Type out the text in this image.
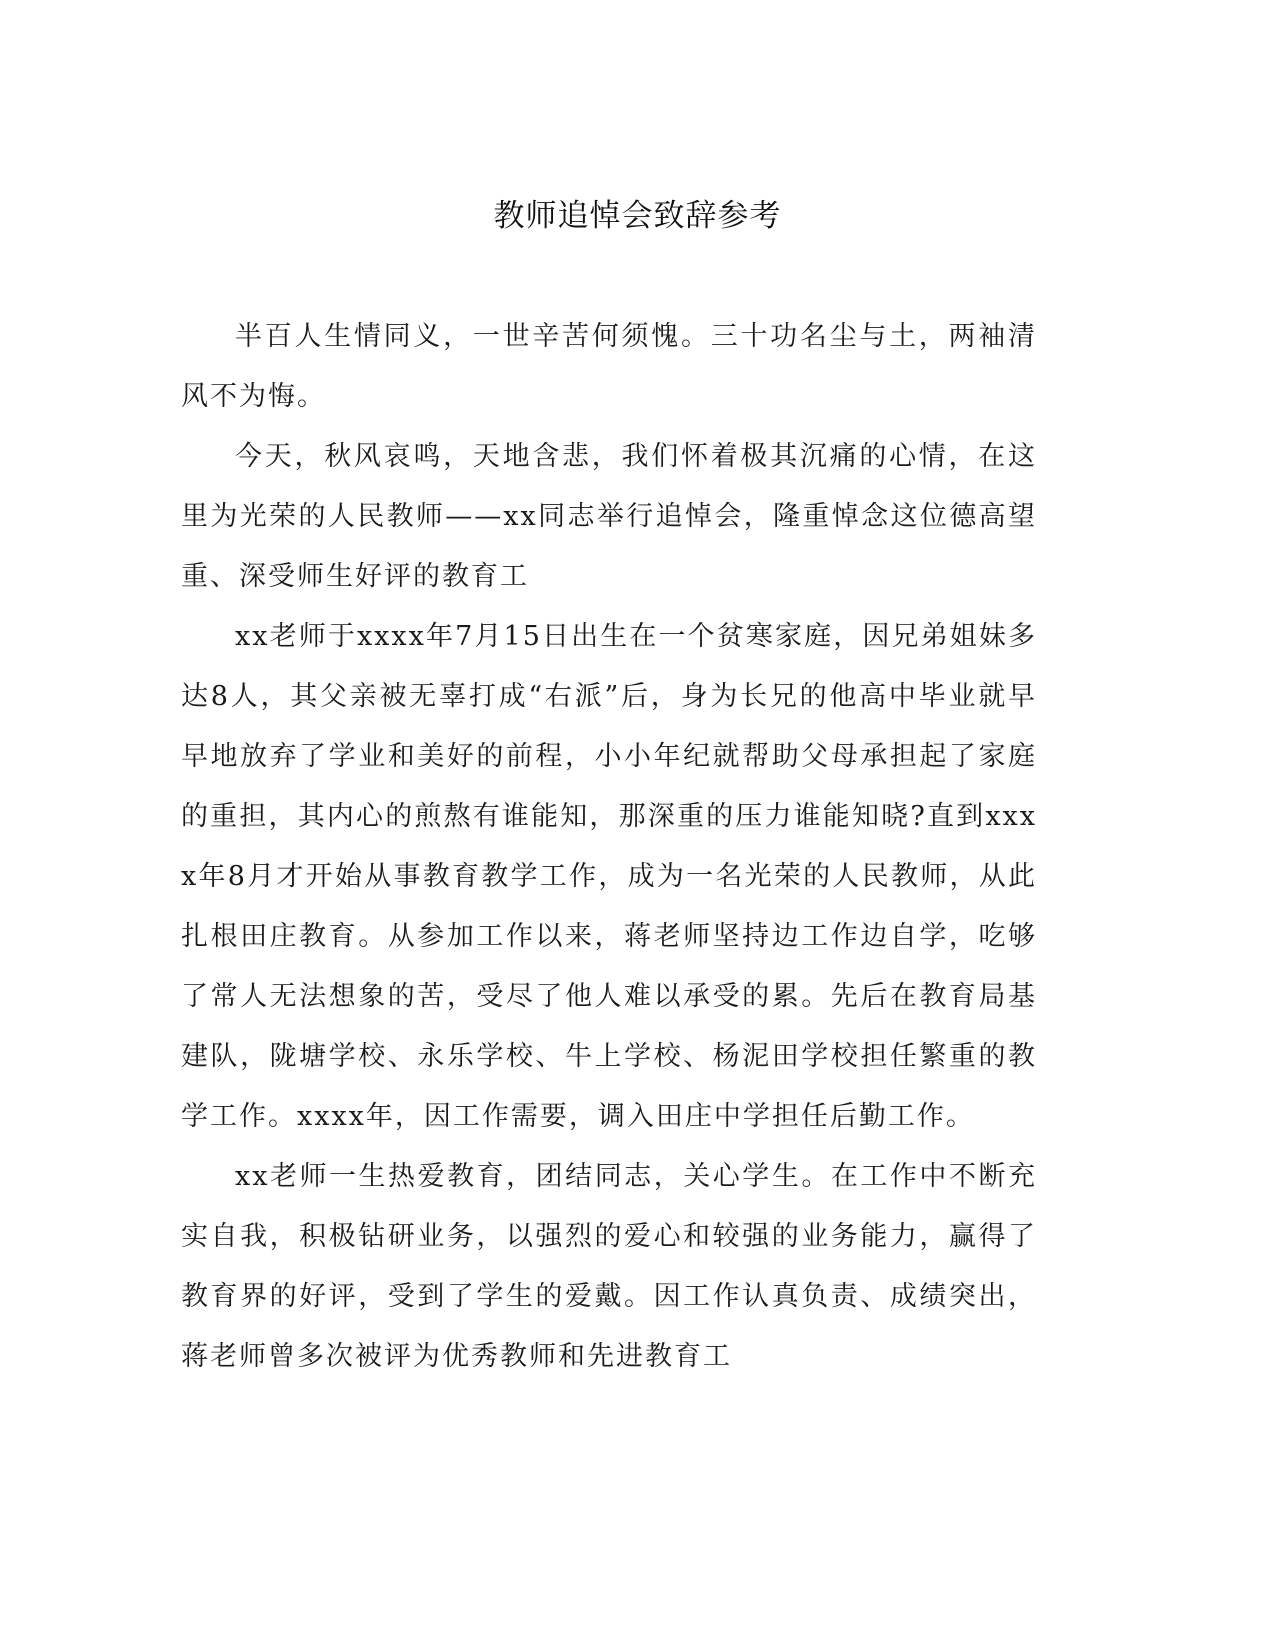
教师追悼会致辞参考

半百人生情同义，一世辛苦何须愧。三十功名尘与土，两袖清风不为悔。

今天，秋风哀鸣，天地含悲，我们怀着极其沉痛的心情，在这里为光荣的人民教师——xx同志举行追悼会，隆重悼念这位德高望重、深受师生好评的教育工

xx老师于xxxx年7月15日出生在一个贫寒家庭，因兄弟姐妹多达8人，其父亲被无辜打成“右派”后，身为长兄的他高中毕业就早早地放弃了学业和美好的前程，小小年纪就帮助父母承担起了家庭的重担，其内心的煎熬有谁能知，那深重的压力谁能知晓?直到xxxx年8月才开始从事教育教学工作，成为一名光荣的人民教师，从此扎根田庄教育。从参加工作以来，蒋老师坚持边工作边自学，吃够了常人无法想象的苦，受尽了他人难以承受的累。先后在教育局基建队，陇塘学校、永乐学校、牛上学校、杨泥田学校担任繁重的教学工作。xxxx年，因工作需要，调入田庄中学担任后勤工作。

xx老师一生热爱教育，团结同志，关心学生。在工作中不断充实自我，积极钻研业务，以强烈的爱心和较强的业务能力，赢得了教育界的好评，受到了学生的爱戴。因工作认真负责、成绩突出，蒋老师曾多次被评为优秀教师和先进教育工
